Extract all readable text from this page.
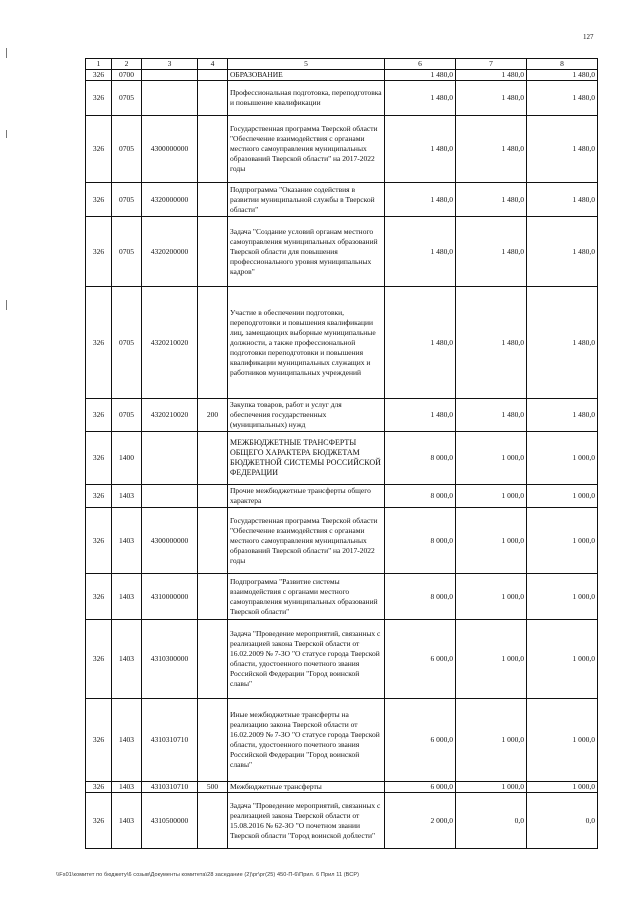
127
1	2	3	4	5	6	7	8
326	0700			ОБРАЗОВАНИЕ	1 480,0	1 480,0	1 480,0
326	0705			Профессиональная подготовка, переподготовка и повышение квалификации	1 480,0	1 480,0	1 480,0
326	0705	4300000000		Государственная программа Тверской области "Обеспечение взаимодействия с органами местного самоуправления муниципальных образований Тверской области" на 2017-2022 годы	1 480,0	1 480,0	1 480,0
326	0705	4320000000		Подпрограмма "Оказание содействия в развитии муниципальной службы в Тверской области"	1 480,0	1 480,0	1 480,0
326	0705	4320200000		Задача "Создание условий органам местного самоуправления муниципальных образований Тверской области для повышения профессионального уровня муниципальных кадров"	1 480,0	1 480,0	1 480,0
326	0705	4320210020		Участие в обеспечении подготовки, переподготовки и повышения квалификации лиц, замещающих выборные муниципальные должности, а также профессиональной подготовки переподготовки и повышения квалификации муниципальных служащих и работников муниципальных учреждений	1 480,0	1 480,0	1 480,0
326	0705	4320210020	200	Закупка товаров, работ и услуг для обеспечения государственных (муниципальных) нужд	1 480,0	1 480,0	1 480,0
326	1400			МЕЖБЮДЖЕТНЫЕ ТРАНСФЕРТЫ ОБЩЕГО ХАРАКТЕРА БЮДЖЕТАМ БЮДЖЕТНОЙ СИСТЕМЫ РОССИЙСКОЙ ФЕДЕРАЦИИ	8 000,0	1 000,0	1 000,0
326	1403			Прочие межбюджетные трансферты общего характера	8 000,0	1 000,0	1 000,0
326	1403	4300000000		Государственная программа Тверской области "Обеспечение взаимодействия с органами местного самоуправления муниципальных образований Тверской области" на 2017-2022 годы	8 000,0	1 000,0	1 000,0
326	1403	4310000000		Подпрограмма "Развитие системы взаимодействия с органами местного самоуправления муниципальных образований Тверской области"	8 000,0	1 000,0	1 000,0
326	1403	4310300000		Задача "Проведение мероприятий, связанных с реализацией закона Тверской области от 16.02.2009 № 7-ЗО "О статусе города Тверской области, удостоенного почетного звания Российской Федерации "Город воинской славы"	6 000,0	1 000,0	1 000,0
326	1403	4310310710		Иные межбюджетные трансферты на реализацию закона Тверской области от 16.02.2009 № 7-ЗО "О статусе города Тверской области, удостоенного почетного звания Российской Федерации "Город воинской славы"	6 000,0	1 000,0	1 000,0
326	1403	4310310710	500	Межбюджетные трансферты	6 000,0	1 000,0	1 000,0
326	1403	4310500000		Задача "Проведение мероприятий, связанных с реализацией закона Тверской области от 15.08.2016 № 62-ЗО "О почетном звании Тверской области "Город воинской доблести"	2 000,0	0,0	0,0
\\Fs01\комитет по бюджету\6 созыв\Документы комитета\28 заседание (2)\рг\рг(25) 450-П-6\Прил. 6 Прил 11 (ВСР)
